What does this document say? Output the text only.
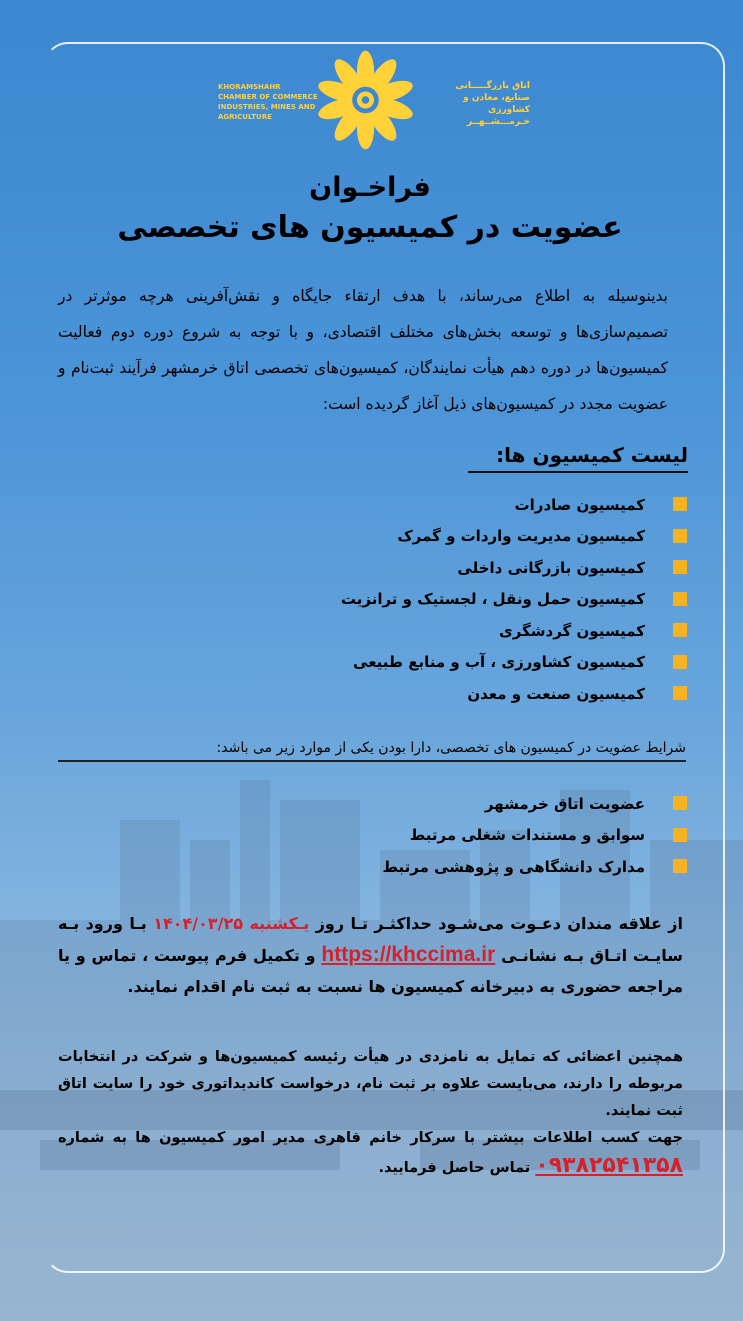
KHORAMSHAHR CHAMBER OF COMMERCE INDUSTRIES, MINES AND AGRICULTURE
اتاق بازرگـــــانی
صنایع، معادن و کشاورزی
خـرمـــشــهــر
فراخـوان
عضویت در کمیسیون های تخصصی
بدینوسیله به اطلاع می‌رساند، با هدف ارتقاء جایگاه و نقش‌آفرینی هرچه موثرتر در تصمیم‌سازی‌ها و توسعه بخش‌های مختلف اقتصادی، و با توجه به شروع دوره دوم فعالیت کمیسیون‌ها در دوره دهم هیأت نمایندگان، کمیسیون‌های تخصصی اتاق خرمشهر فرآیند ثبت‌نام و عضویت مجدد در کمیسیون‌های ذیل آغاز گردیده است:
لیست کمیسیون ها:
کمیسیون صادرات
کمیسیون مدیریت واردات و گمرک
کمیسیون بازرگانی داخلی
کمیسیون حمل ونقل ، لجستیک و ترانزیت
کمیسیون گردشگری
کمیسیون کشاورزی ، آب و منابع طبیعی
کمیسیون صنعت و معدن
شرایط عضویت در کمیسیون های تخصصی، دارا بودن یکی از موارد زیر می باشد:
عضویت اتاق خرمشهر
سوابق و مستندات شغلی مرتبط
مدارک دانشگاهی و پژوهشی مرتبط
از علاقه مندان دعـوت می‌شـود حداکثـر تـا روز یـکشنبه ۱۴۰۴/۰۳/۲۵ بـا ورود بـه سایـت اتـاق بـه نشانـی https://khccima.ir و تکمیل فرم پیوست ، تماس و یا مراجعه حضوری به دبیرخانه کمیسیون ها نسبت به ثبت نام اقدام نمایند.
همچنین اعضائی که تمایل به نامزدی در هیأت رئیسه کمیسیون‌ها و شرکت در انتخابات مربوطه را دارند، می‌بایست علاوه بر ثبت نام، درخواست کاندیداتوری خود را سایت اتاق ثبت نمایند.
جهت کسب اطلاعات بیشتر با سرکار خانم قاهری مدیر امور کمیسیون ها به شماره ۰۹۳۸۲۵۴۱۳۵۸ تماس حاصل فرمایید.
